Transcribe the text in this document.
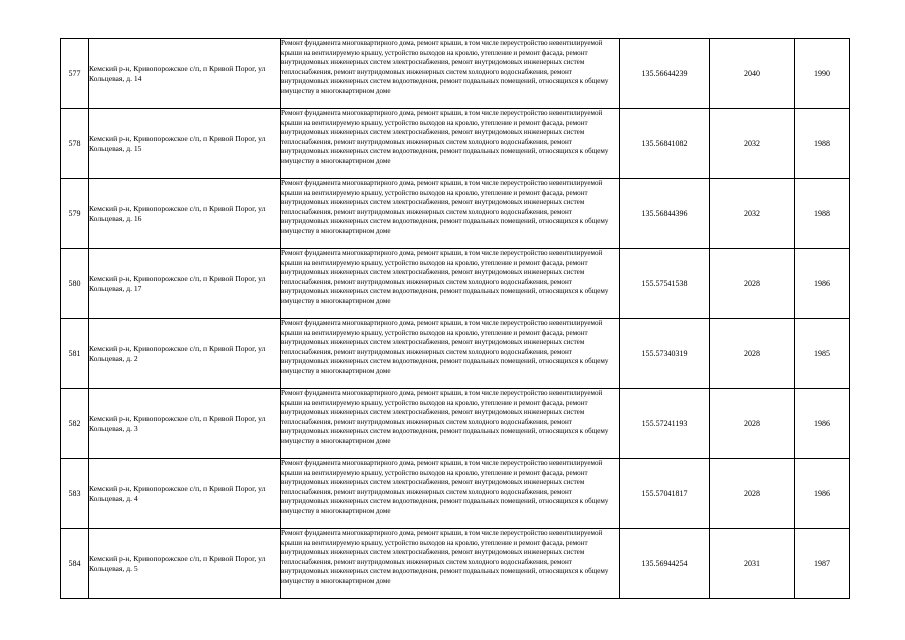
577	Кемский р-н, Кривопорожское с/п, п Кривой Порог, ул Кольцевая, д. 14	Ремонт фундамента многоквартирного дома, ремонт крыши, в том числе переустройство невентилируемой крыши на вентилируемую крышу, устройство выходов на кровлю, утепление и ремонт фасада, ремонт внутридомовых инженерных систем электроснабжения, ремонт внутридомовых инженерных систем теплоснабжения, ремонт внутридомовых инженерных систем холодного водоснабжения, ремонт внутридомовых инженерных систем водоотведения, ремонт подвальных помещений, относящихся к общему имуществу в многоквартирном доме	135.56644239	2040	1990
578	Кемский р-н, Кривопорожское с/п, п Кривой Порог, ул Кольцевая, д. 15	Ремонт фундамента многоквартирного дома, ремонт крыши, в том числе переустройство невентилируемой крыши на вентилируемую крышу, устройство выходов на кровлю, утепление и ремонт фасада, ремонт внутридомовых инженерных систем электроснабжения, ремонт внутридомовых инженерных систем теплоснабжения, ремонт внутридомовых инженерных систем холодного водоснабжения, ремонт внутридомовых инженерных систем водоотведения, ремонт подвальных помещений, относящихся к общему имуществу в многоквартирном доме	135.56841082	2032	1988
579	Кемский р-н, Кривопорожское с/п, п Кривой Порог, ул Кольцевая, д. 16	Ремонт фундамента многоквартирного дома, ремонт крыши, в том числе переустройство невентилируемой крыши на вентилируемую крышу, устройство выходов на кровлю, утепление и ремонт фасада, ремонт внутридомовых инженерных систем электроснабжения, ремонт внутридомовых инженерных систем теплоснабжения, ремонт внутридомовых инженерных систем холодного водоснабжения, ремонт внутридомовых инженерных систем водоотведения, ремонт подвальных помещений, относящихся к общему имуществу в многоквартирном доме	135.56844396	2032	1988
580	Кемский р-н, Кривопорожское с/п, п Кривой Порог, ул Кольцевая, д. 17	Ремонт фундамента многоквартирного дома, ремонт крыши, в том числе переустройство невентилируемой крыши на вентилируемую крышу, устройство выходов на кровлю, утепление и ремонт фасада, ремонт внутридомовых инженерных систем электроснабжения, ремонт внутридомовых инженерных систем теплоснабжения, ремонт внутридомовых инженерных систем холодного водоснабжения, ремонт внутридомовых инженерных систем водоотведения, ремонт подвальных помещений, относящихся к общему имуществу в многоквартирном доме	155.57541538	2028	1986
581	Кемский р-н, Кривопорожское с/п, п Кривой Порог, ул Кольцевая, д. 2	Ремонт фундамента многоквартирного дома, ремонт крыши, в том числе переустройство невентилируемой крыши на вентилируемую крышу, устройство выходов на кровлю, утепление и ремонт фасада, ремонт внутридомовых инженерных систем электроснабжения, ремонт внутридомовых инженерных систем теплоснабжения, ремонт внутридомовых инженерных систем холодного водоснабжения, ремонт внутридомовых инженерных систем водоотведения, ремонт подвальных помещений, относящихся к общему имуществу в многоквартирном доме	155.57340319	2028	1985
582	Кемский р-н, Кривопорожское с/п, п Кривой Порог, ул Кольцевая, д. 3	Ремонт фундамента многоквартирного дома, ремонт крыши, в том числе переустройство невентилируемой крыши на вентилируемую крышу, устройство выходов на кровлю, утепление и ремонт фасада, ремонт внутридомовых инженерных систем электроснабжения, ремонт внутридомовых инженерных систем теплоснабжения, ремонт внутридомовых инженерных систем холодного водоснабжения, ремонт внутридомовых инженерных систем водоотведения, ремонт подвальных помещений, относящихся к общему имуществу в многоквартирном доме	155.57241193	2028	1986
583	Кемский р-н, Кривопорожское с/п, п Кривой Порог, ул Кольцевая, д. 4	Ремонт фундамента многоквартирного дома, ремонт крыши, в том числе переустройство невентилируемой крыши на вентилируемую крышу, устройство выходов на кровлю, утепление и ремонт фасада, ремонт внутридомовых инженерных систем электроснабжения, ремонт внутридомовых инженерных систем теплоснабжения, ремонт внутридомовых инженерных систем холодного водоснабжения, ремонт внутридомовых инженерных систем водоотведения, ремонт подвальных помещений, относящихся к общему имуществу в многоквартирном доме	155.57041817	2028	1986
584	Кемский р-н, Кривопорожское с/п, п Кривой Порог, ул Кольцевая, д. 5	Ремонт фундамента многоквартирного дома, ремонт крыши, в том числе переустройство невентилируемой крыши на вентилируемую крышу, устройство выходов на кровлю, утепление и ремонт фасада, ремонт внутридомовых инженерных систем электроснабжения, ремонт внутридомовых инженерных систем теплоснабжения, ремонт внутридомовых инженерных систем холодного водоснабжения, ремонт внутридомовых инженерных систем водоотведения, ремонт подвальных помещений, относящихся к общему имуществу в многоквартирном доме	135.56944254	2031	1987
